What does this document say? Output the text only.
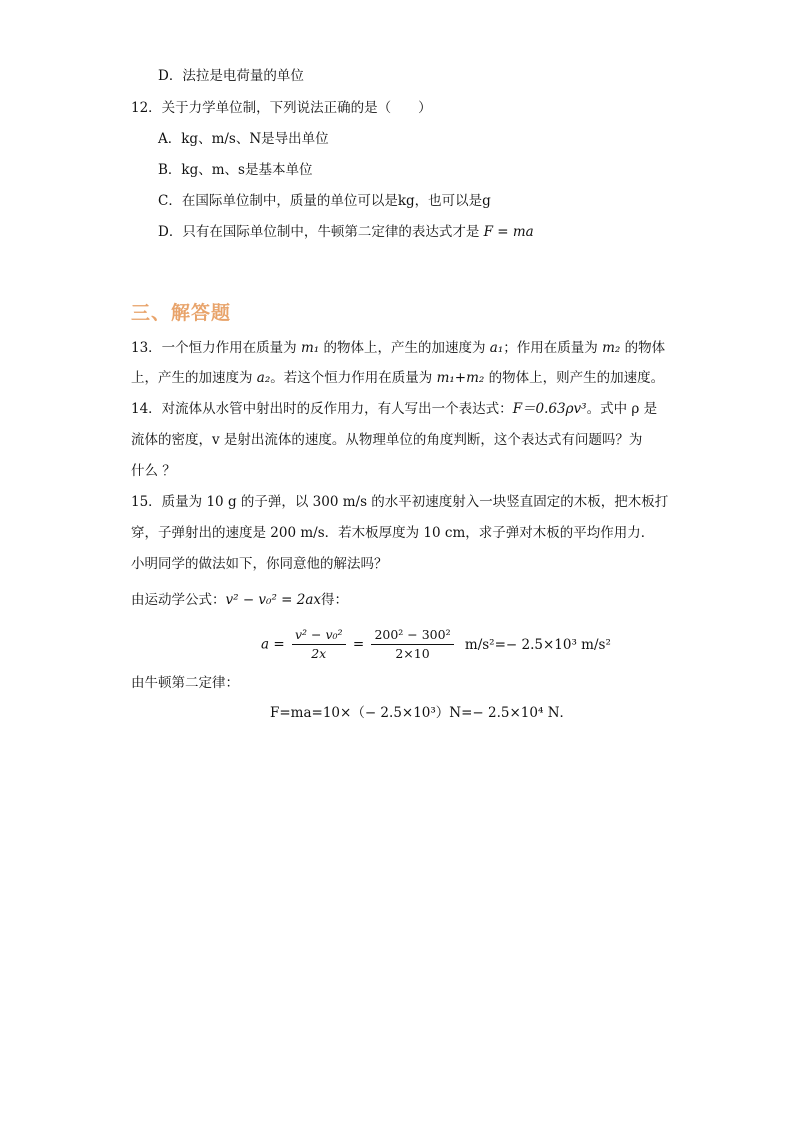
D．法拉是电荷量的单位
12．关于力学单位制，下列说法正确的是（　　）
A．kg、m/s、N是导出单位
B．kg、m、s是基本单位
C．在国际单位制中，质量的单位可以是kg，也可以是g
D．只有在国际单位制中，牛顿第二定律的表达式才是 F = ma
三、解答题
13．一个恒力作用在质量为 m₁ 的物体上，产生的加速度为 a₁；作用在质量为 m₂ 的物体
上，产生的加速度为 a₂。若这个恒力作用在质量为 m₁+m₂ 的物体上，则产生的加速度。
14．对流体从水管中射出时的反作用力，有人写出一个表达式：F＝0.63ρv³。式中 ρ 是
流体的密度，v 是射出流体的速度。从物理单位的角度判断，这个表达式有问题吗？为
什么 ？
15．质量为 10 g 的子弹，以 300 m/s 的水平初速度射入一块竖直固定的木板，把木板打
穿，子弹射出的速度是 200 m/s．若木板厚度为 10 cm，求子弹对木板的平均作用力．
小明同学的做法如下，你同意他的解法吗？
由运动学公式：v² − v₀² = 2ax得：
$a = \frac{\text{v² − v₀²}}{2x} = \frac{\text{200² − 300²}}{2\times 10} m/s^2=- 2.5\times 10^3$ m/s²
由牛顿第二定律：
F=ma=10×（− 2.5×10³）N=− 2.5×10⁴ N．
